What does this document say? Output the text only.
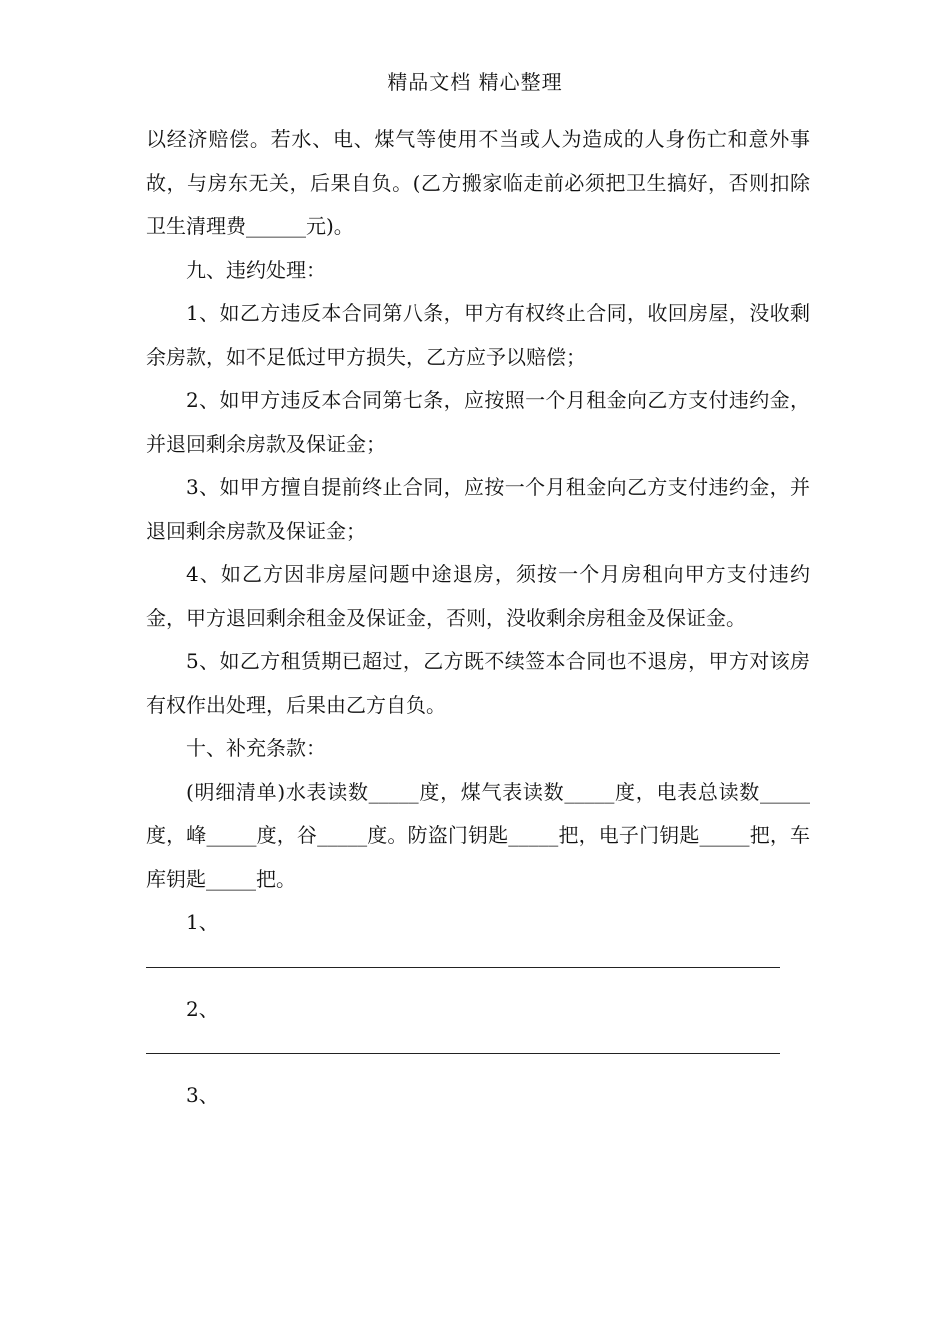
精品文档 精心整理

以经济赔偿。若水、电、煤气等使用不当或人为造成的人身伤亡和意外事故，与房东无关，后果自负。(乙方搬家临走前必须把卫生搞好，否则扣除卫生清理费______元)。

九、违约处理：

1、如乙方违反本合同第八条，甲方有权终止合同，收回房屋，没收剩余房款，如不足低过甲方损失，乙方应予以赔偿；

2、如甲方违反本合同第七条，应按照一个月租金向乙方支付违约金，并退回剩余房款及保证金；

3、如甲方擅自提前终止合同，应按一个月租金向乙方支付违约金，并退回剩余房款及保证金；

4、如乙方因非房屋问题中途退房，须按一个月房租向甲方支付违约金，甲方退回剩余租金及保证金，否则，没收剩余房租金及保证金。

5、如乙方租赁期已超过，乙方既不续签本合同也不退房，甲方对该房有权作出处理，后果由乙方自负。

十、补充条款：

(明细清单)水表读数_____度，煤气表读数_____度，电表总读数_____度，峰_____度，谷_____度。防盗门钥匙_____把，电子门钥匙_____把，车库钥匙_____把。

1、

2、

3、
